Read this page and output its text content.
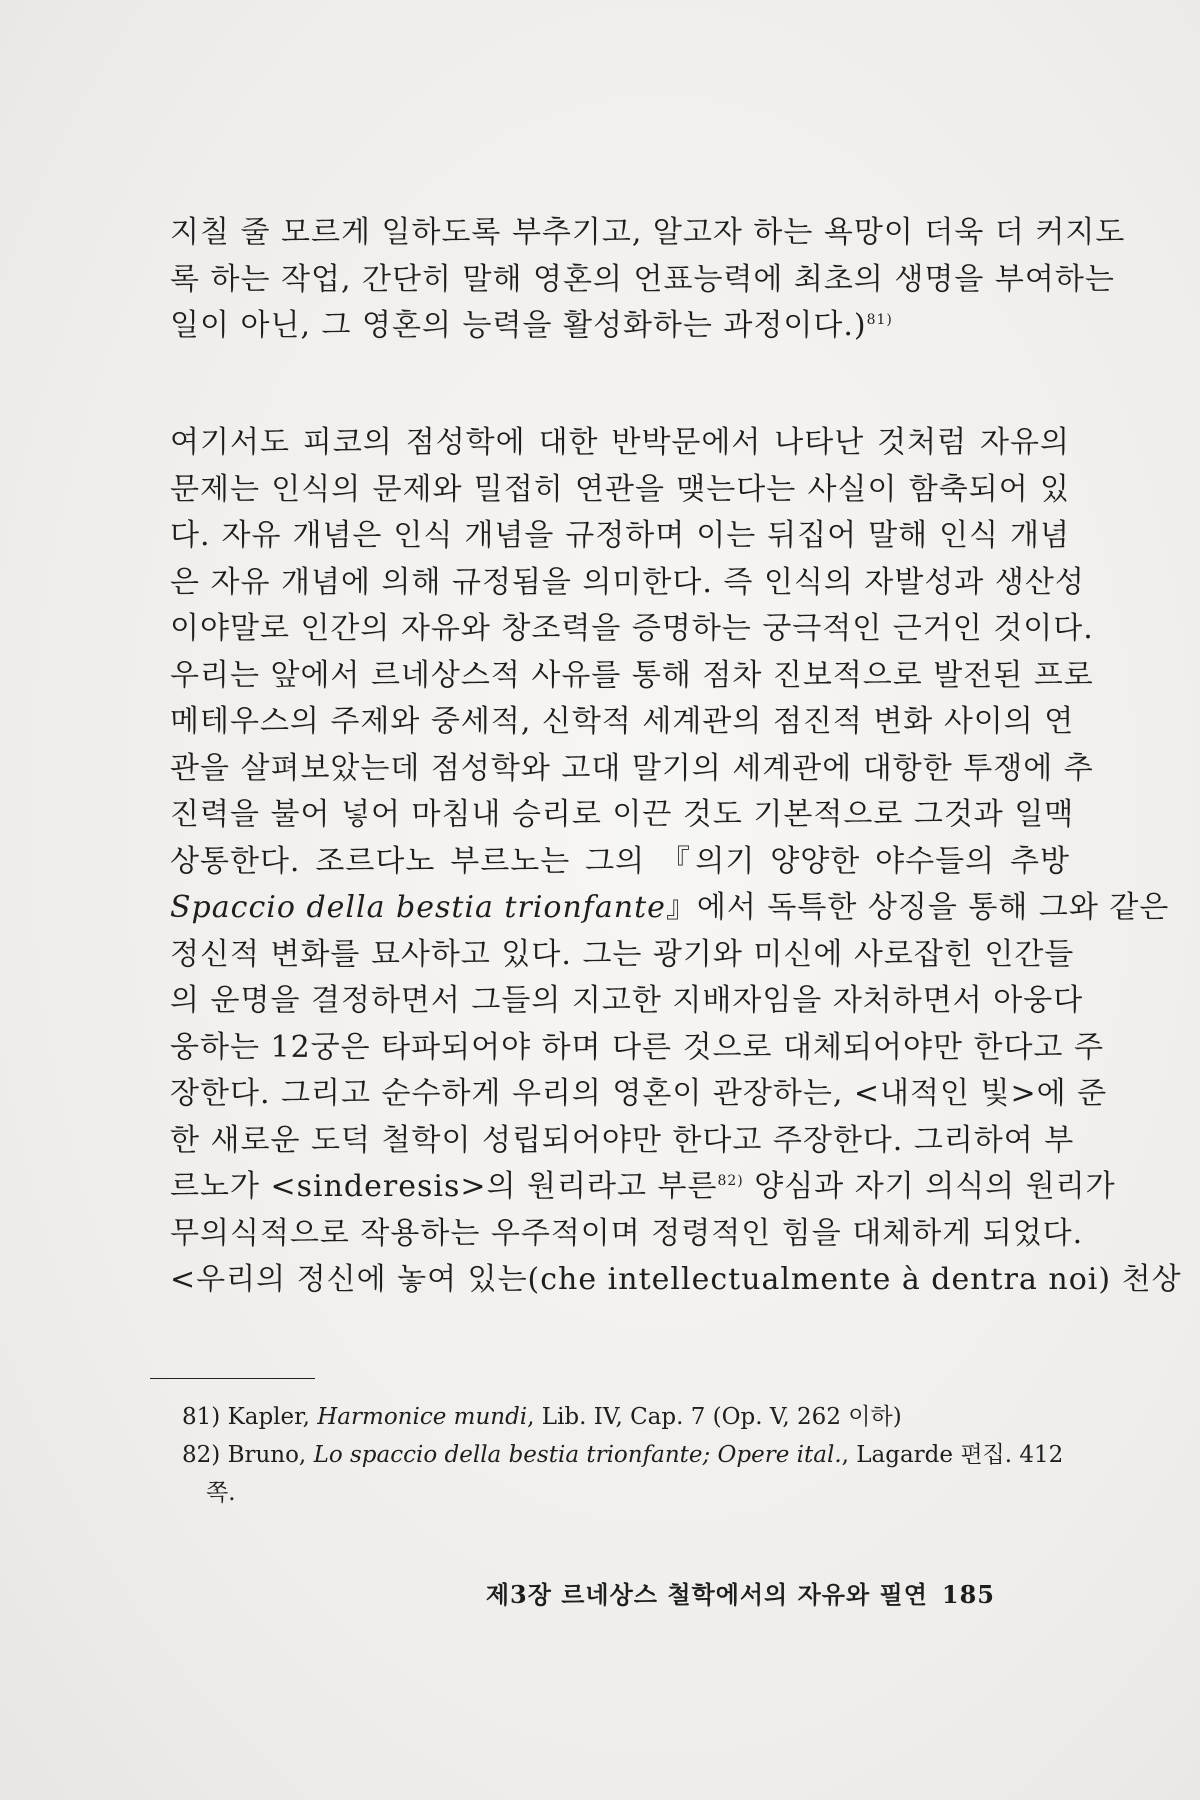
지칠 줄 모르게 일하도록 부추기고, 알고자 하는 욕망이 더욱 더 커지도
록 하는 작업, 간단히 말해 영혼의 언표능력에 최초의 생명을 부여하는
일이 아닌, 그 영혼의 능력을 활성화하는 과정이다.)$^{81)}$
여기서도 피코의 점성학에 대한 반박문에서 나타난 것처럼 자유의
문제는 인식의 문제와 밀접히 연관을 맺는다는 사실이 함축되어 있
다. 자유 개념은 인식 개념을 규정하며 이는 뒤집어 말해 인식 개념
은 자유 개념에 의해 규정됨을 의미한다. 즉 인식의 자발성과 생산성
이야말로 인간의 자유와 창조력을 증명하는 궁극적인 근거인 것이다.
우리는 앞에서 르네상스적 사유를 통해 점차 진보적으로 발전된 프로
메테우스의 주제와 중세적, 신학적 세계관의 점진적 변화 사이의 연
관을 살펴보았는데 점성학와 고대 말기의 세계관에 대항한 투쟁에 추
진력을 불어 넣어 마침내 승리로 이끈 것도 기본적으로 그것과 일맥
상통한다. 조르다노 부르노는 그의 『의기 양양한 야수들의 추방
Spaccio della bestia trionfante』에서 독특한 상징을 통해 그와 같은
정신적 변화를 묘사하고 있다. 그는 광기와 미신에 사로잡힌 인간들
의 운명을 결정하면서 그들의 지고한 지배자임을 자처하면서 아웅다
웅하는 12궁은 타파되어야 하며 다른 것으로 대체되어야만 한다고 주
장한다. 그리고 순수하게 우리의 영혼이 관장하는, <내적인 빛>에 준
한 새로운 도덕 철학이 성립되어야만 한다고 주장한다. 그리하여 부
르노가 <sinderesis>의 원리라고 부른$^{82)}$ 양심과 자기 의식의 원리가
무의식적으로 작용하는 우주적이며 정령적인 힘을 대체하게 되었다.
<우리의 정신에 놓여 있는(che intellectualmente à dentra noi) 천상
81) Kapler, Harmonice mundi, Lib. IV, Cap. 7 (Op. V, 262 이하)
82) Bruno, Lo spaccio della bestia trionfante; Opere ital., Lagarde 편집. 412
쪽.
제3장 르네상스 철학에서의 자유와 필연 185
